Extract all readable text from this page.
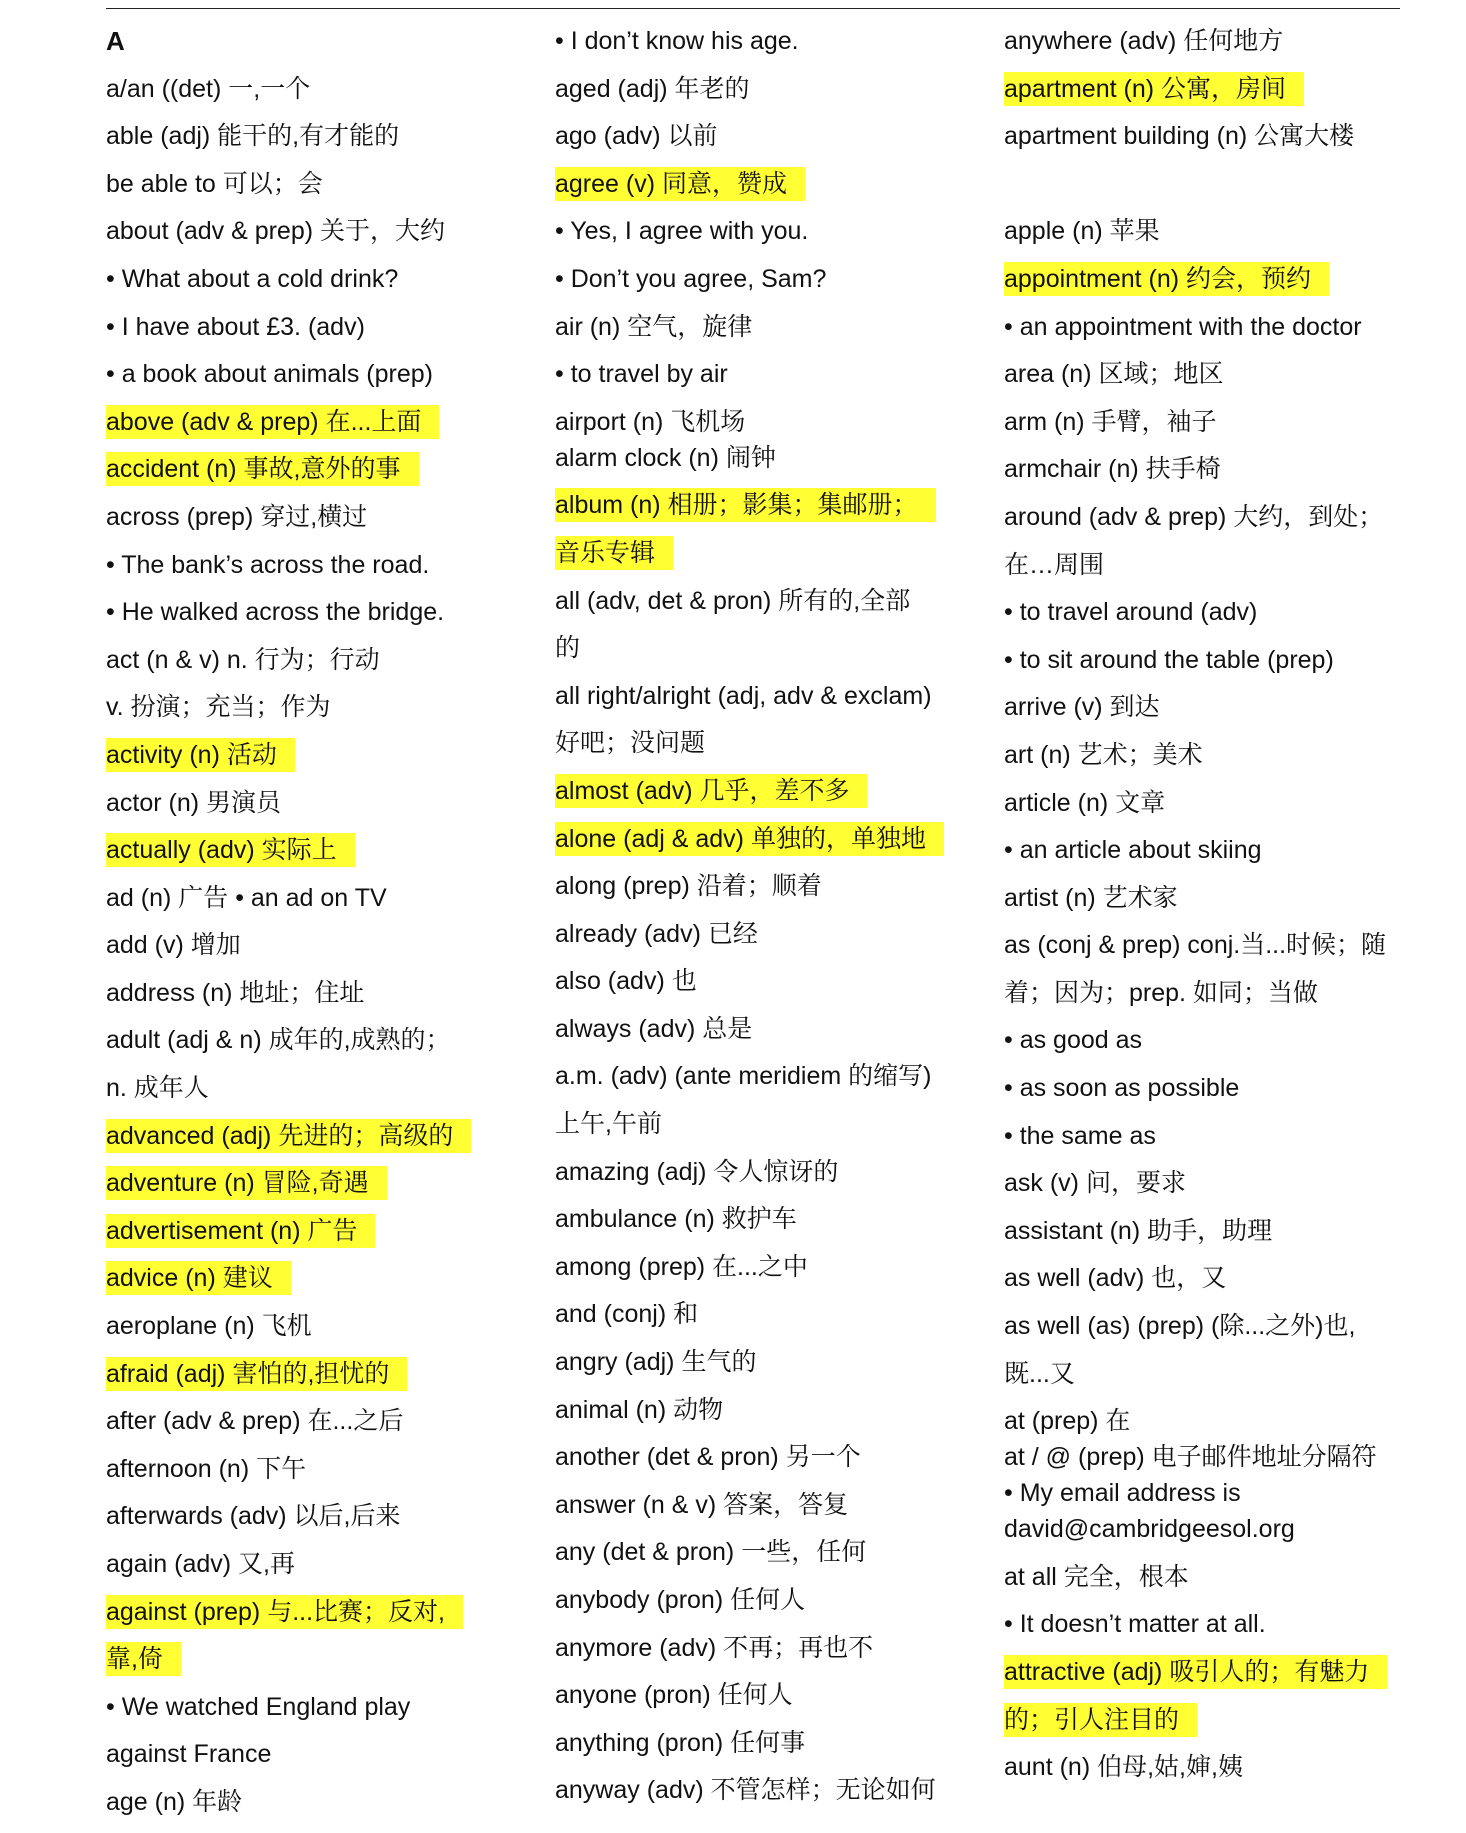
A
a/an ((det) 一,一个
able (adj) 能干的,有才能的
be able to 可以；会
about (adv & prep) 关于，大约
• What about a cold drink?
• I have about £3. (adv)
• a book about animals (prep)
above (adv & prep) 在...上面
accident (n) 事故,意外的事
across (prep) 穿过,横过
• The bank’s across the road.
• He walked across the bridge.
act (n & v) n. 行为；行动
v. 扮演；充当；作为
activity (n) 活动
actor (n) 男演员
actually (adv) 实际上
ad (n) 广告 • an ad on TV
add (v) 增加
address (n) 地址；住址
adult (adj & n) 成年的,成熟的；
n. 成年人
advanced (adj) 先进的；高级的
adventure (n) 冒险,奇遇
advertisement (n) 广告
advice (n) 建议
aeroplane (n) 飞机
afraid (adj) 害怕的,担忧的
after (adv & prep) 在...之后
afternoon (n) 下午
afterwards (adv) 以后,后来
again (adv) 又,再
against (prep) 与...比赛；反对,
靠,倚
• We watched England play
against France
age (n) 年龄
• I don’t know his age.
aged (adj) 年老的
ago (adv) 以前
agree (v) 同意，赞成
• Yes, I agree with you.
• Don’t you agree, Sam?
air (n) 空气，旋律
• to travel by air
airport (n) 飞机场
alarm clock (n) 闹钟
album (n) 相册；影集；集邮册；
音乐专辑
all (adv, det & pron) 所有的,全部
的
all right/alright (adj, adv & exclam)
好吧；没问题
almost (adv) 几乎，差不多
alone (adj & adv) 单独的，单独地
along (prep) 沿着；顺着
already (adv) 已经
also (adv) 也
always (adv) 总是
a.m. (adv) (ante meridiem 的缩写)
上午,午前
amazing (adj) 令人惊讶的
ambulance (n) 救护车
among (prep) 在...之中
and (conj) 和
angry (adj) 生气的
animal (n) 动物
another (det & pron) 另一个
answer (n & v) 答案，答复
any (det & pron) 一些，任何
anybody (pron) 任何人
anymore (adv) 不再；再也不
anyone (pron) 任何人
anything (pron) 任何事
anyway (adv) 不管怎样；无论如何
anywhere (adv) 任何地方
apartment (n) 公寓，房间
apartment building (n) 公寓大楼
apple (n) 苹果
appointment (n) 约会，预约
• an appointment with the doctor
area (n) 区域；地区
arm (n) 手臂，袖子
armchair (n) 扶手椅
around (adv & prep) 大约，到处；
在…周围
• to travel around (adv)
• to sit around the table (prep)
arrive (v) 到达
art (n) 艺术；美术
article (n) 文章
• an article about skiing
artist (n) 艺术家
as (conj & prep) conj.当...时候；随
着；因为；prep. 如同；当做
• as good as
• as soon as possible
• the same as
ask (v) 问，要求
assistant (n) 助手，助理
as well (adv) 也，又
as well (as) (prep) (除...之外)也,
既...又
at (prep) 在
at / @ (prep) 电子邮件地址分隔符
• My email address is
david@cambridgeesol.org
at all 完全，根本
• It doesn’t matter at all.
attractive (adj) 吸引人的；有魅力
的；引人注目的
aunt (n) 伯母,姑,婶,姨
